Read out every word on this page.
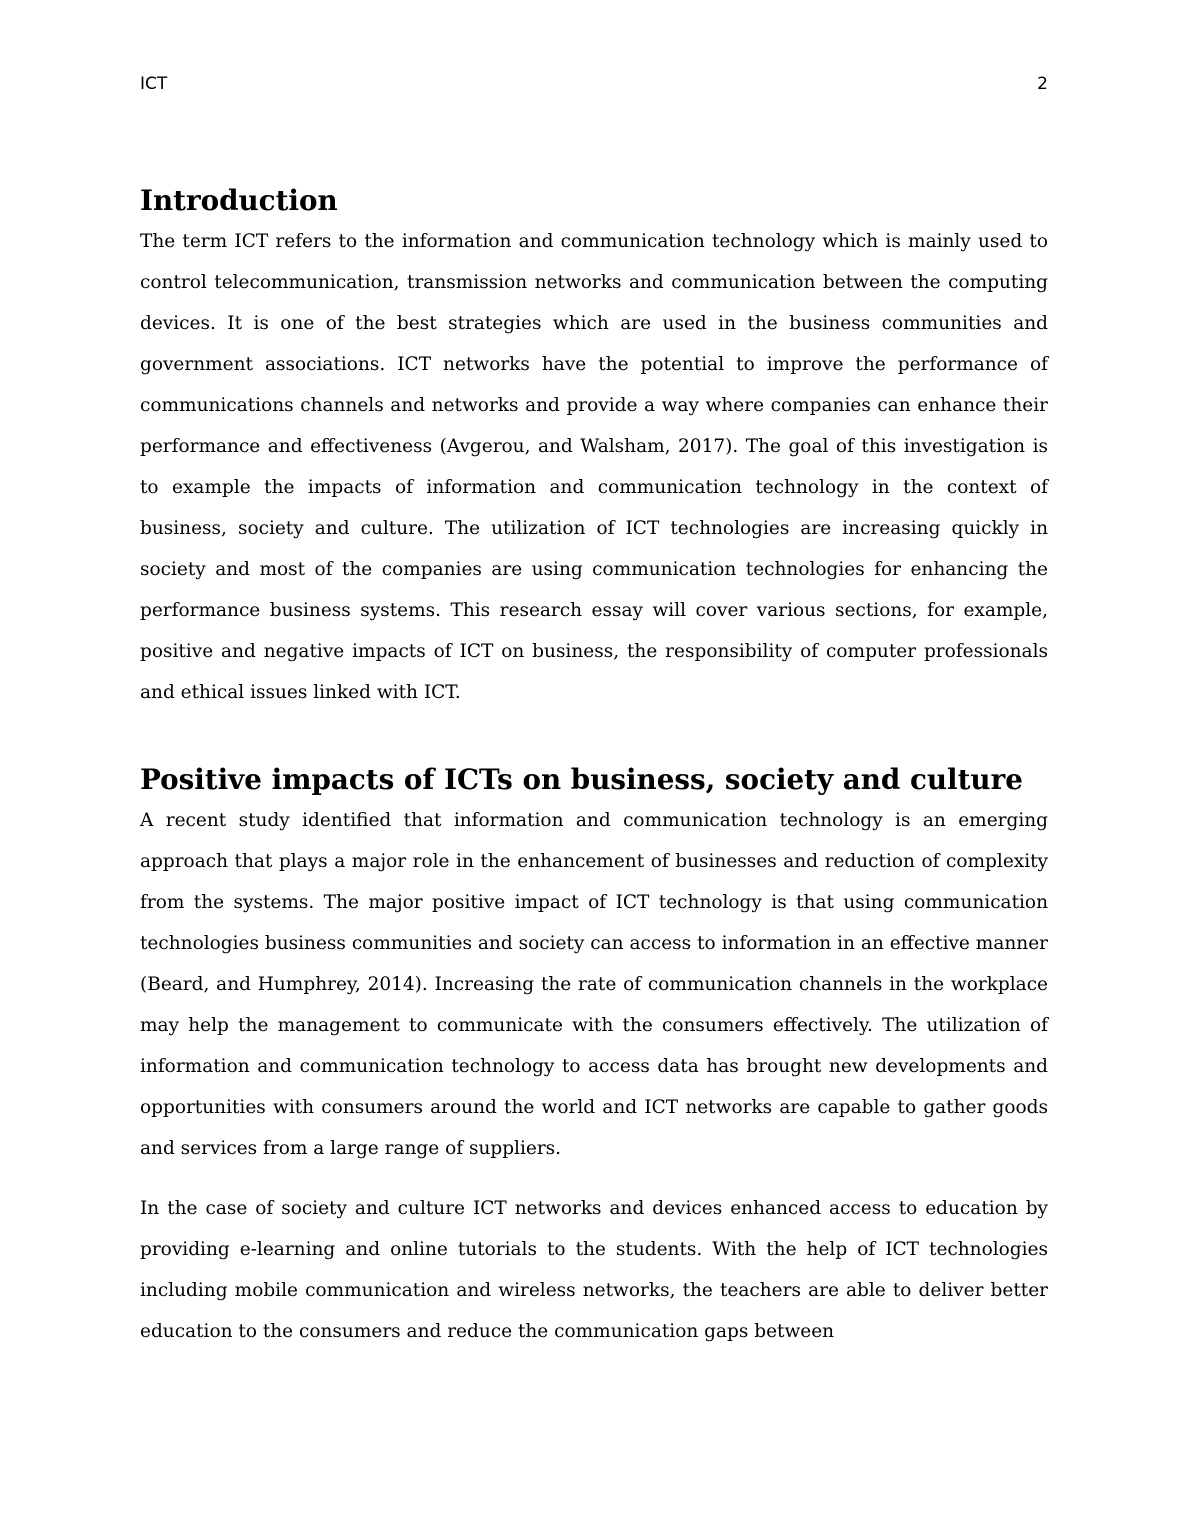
ICT	2
Introduction

The term ICT refers to the information and communication technology which is mainly used to control telecommunication, transmission networks and communication between the computing devices. It is one of the best strategies which are used in the business communities and government associations. ICT networks have the potential to improve the performance of communications channels and networks and provide a way where companies can enhance their performance and effectiveness (Avgerou, and Walsham, 2017). The goal of this investigation is to example the impacts of information and communication technology in the context of business, society and culture. The utilization of ICT technologies are increasing quickly in society and most of the companies are using communication technologies for enhancing the performance business systems. This research essay will cover various sections, for example, positive and negative impacts of ICT on business, the responsibility of computer professionals and ethical issues linked with ICT.

Positive impacts of ICTs on business, society and culture

A recent study identified that information and communication technology is an emerging approach that plays a major role in the enhancement of businesses and reduction of complexity from the systems. The major positive impact of ICT technology is that using communication technologies business communities and society can access to information in an effective manner (Beard, and Humphrey, 2014). Increasing the rate of communication channels in the workplace may help the management to communicate with the consumers effectively. The utilization of information and communication technology to access data has brought new developments and opportunities with consumers around the world and ICT networks are capable to gather goods and services from a large range of suppliers.

In the case of society and culture ICT networks and devices enhanced access to education by providing e-learning and online tutorials to the students. With the help of ICT technologies including mobile communication and wireless networks, the teachers are able to deliver better education to the consumers and reduce the communication gaps between
